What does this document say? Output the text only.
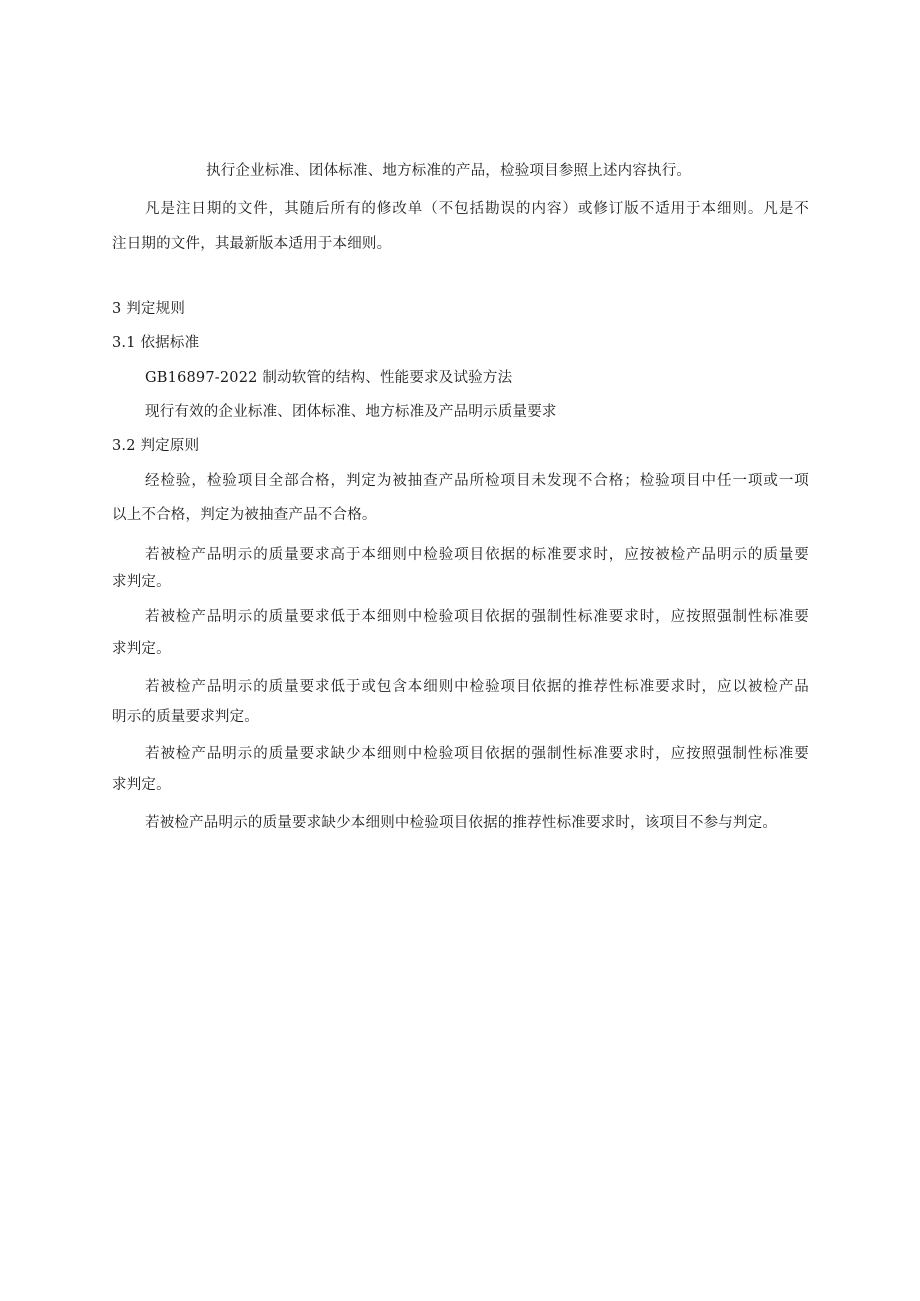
执行企业标准、团体标准、地方标准的产品，检验项目参照上述内容执行。
凡是注日期的文件，其随后所有的修改单（不包括勘误的内容）或修订版不适用于本细则。凡是不
注日期的文件，其最新版本适用于本细则。
3 判定规则
3.1 依据标准
GB16897-2022 制动软管的结构、性能要求及试验方法
现行有效的企业标准、团体标准、地方标准及产品明示质量要求
3.2 判定原则
经检验，检验项目全部合格，判定为被抽查产品所检项目未发现不合格；检验项目中任一项或一项
以上不合格，判定为被抽查产品不合格。
若被检产品明示的质量要求高于本细则中检验项目依据的标准要求时，应按被检产品明示的质量要
求判定。
若被检产品明示的质量要求低于本细则中检验项目依据的强制性标准要求时，应按照强制性标准要
求判定。
若被检产品明示的质量要求低于或包含本细则中检验项目依据的推荐性标准要求时，应以被检产品
明示的质量要求判定。
若被检产品明示的质量要求缺少本细则中检验项目依据的强制性标准要求时，应按照强制性标准要
求判定。
若被检产品明示的质量要求缺少本细则中检验项目依据的推荐性标准要求时，该项目不参与判定。
